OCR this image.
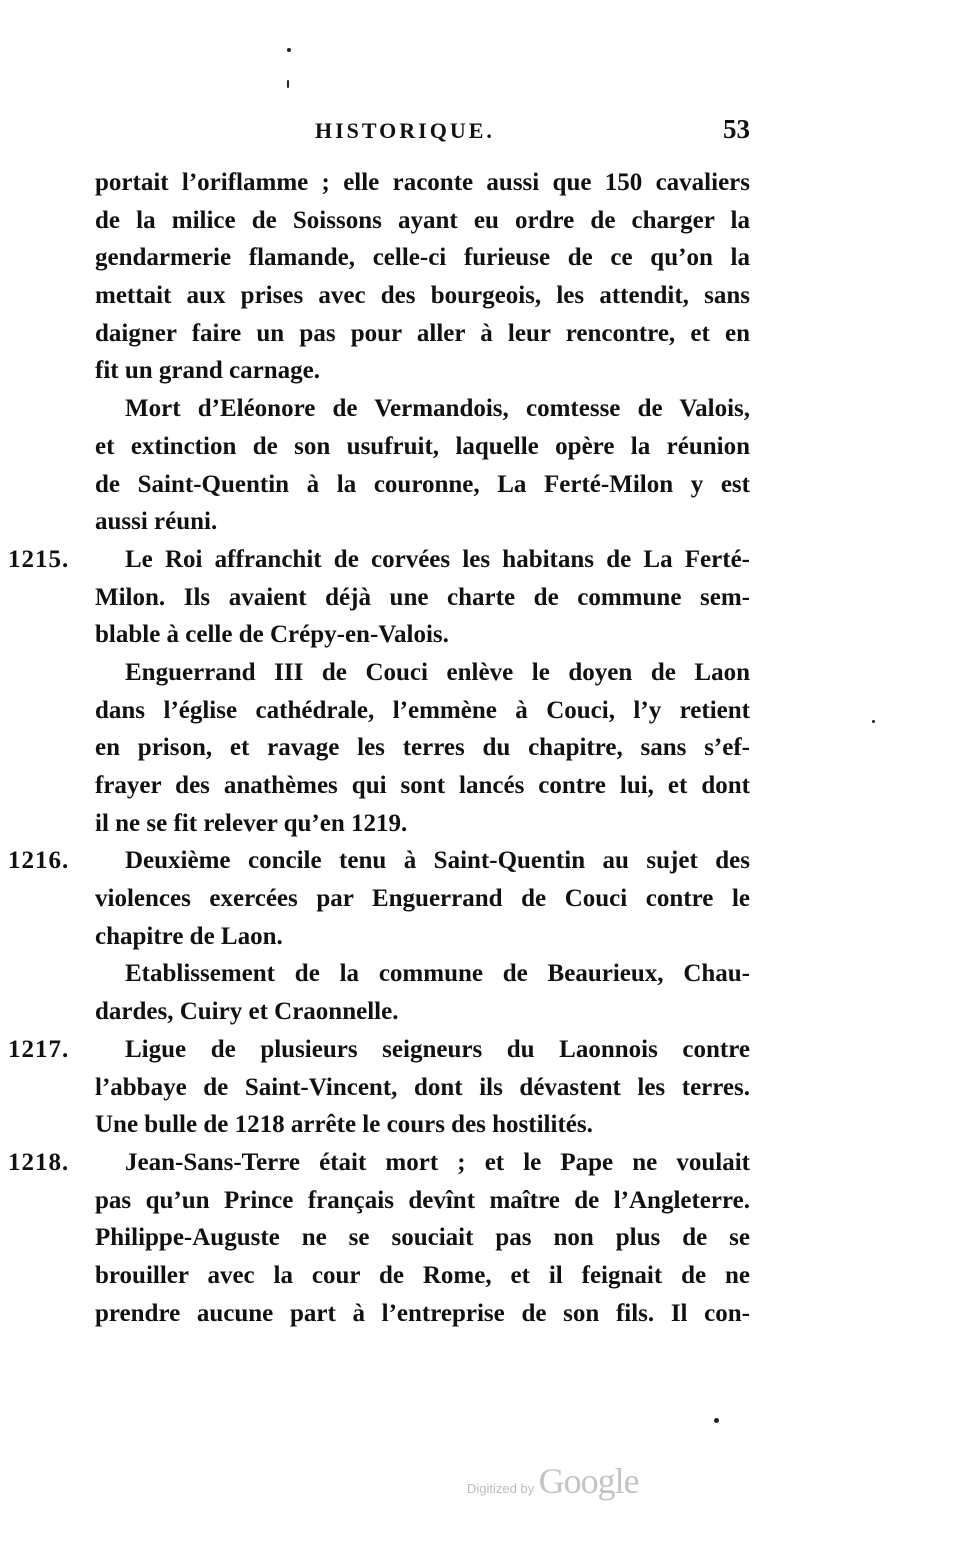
HISTORIQUE.	53
portait l’oriflamme ; elle raconte aussi que 150 cavaliers
de la milice de Soissons ayant eu ordre de charger la
gendarmerie flamande, celle-ci furieuse de ce qu’on la
mettait aux prises avec des bourgeois, les attendit, sans
daigner faire un pas pour aller à leur rencontre, et en
fit un grand carnage.
Mort d’Eléonore de Vermandois, comtesse de Valois,
et extinction de son usufruit, laquelle opère la réunion
de Saint-Quentin à la couronne, La Ferté-Milon y est
aussi réuni.
Le Roi affranchit de corvées les habitans de La Ferté-
1215.
Milon. Ils avaient déjà une charte de commune sem-
blable à celle de Crépy-en-Valois.
Enguerrand III de Couci enlève le doyen de Laon
dans l’église cathédrale, l’emmène à Couci, l’y retient
en prison, et ravage les terres du chapitre, sans s’ef-
frayer des anathèmes qui sont lancés contre lui, et dont
il ne se fit relever qu’en 1219.
Deuxième concile tenu à Saint-Quentin au sujet des
1216.
violences exercées par Enguerrand de Couci contre le
chapitre de Laon.
Etablissement de la commune de Beaurieux, Chau-
dardes, Cuiry et Craonnelle.
Ligue de plusieurs seigneurs du Laonnois contre
1217.
l’abbaye de Saint-Vincent, dont ils dévastent les terres.
Une bulle de 1218 arrête le cours des hostilités.
Jean-Sans-Terre était mort ; et le Pape ne voulait
1218.
pas qu’un Prince français devînt maître de l’Angleterre.
Philippe-Auguste ne se souciait pas non plus de se
brouiller avec la cour de Rome, et il feignait de ne
prendre aucune part à l’entreprise de son fils. Il con-
Digitized by Google
